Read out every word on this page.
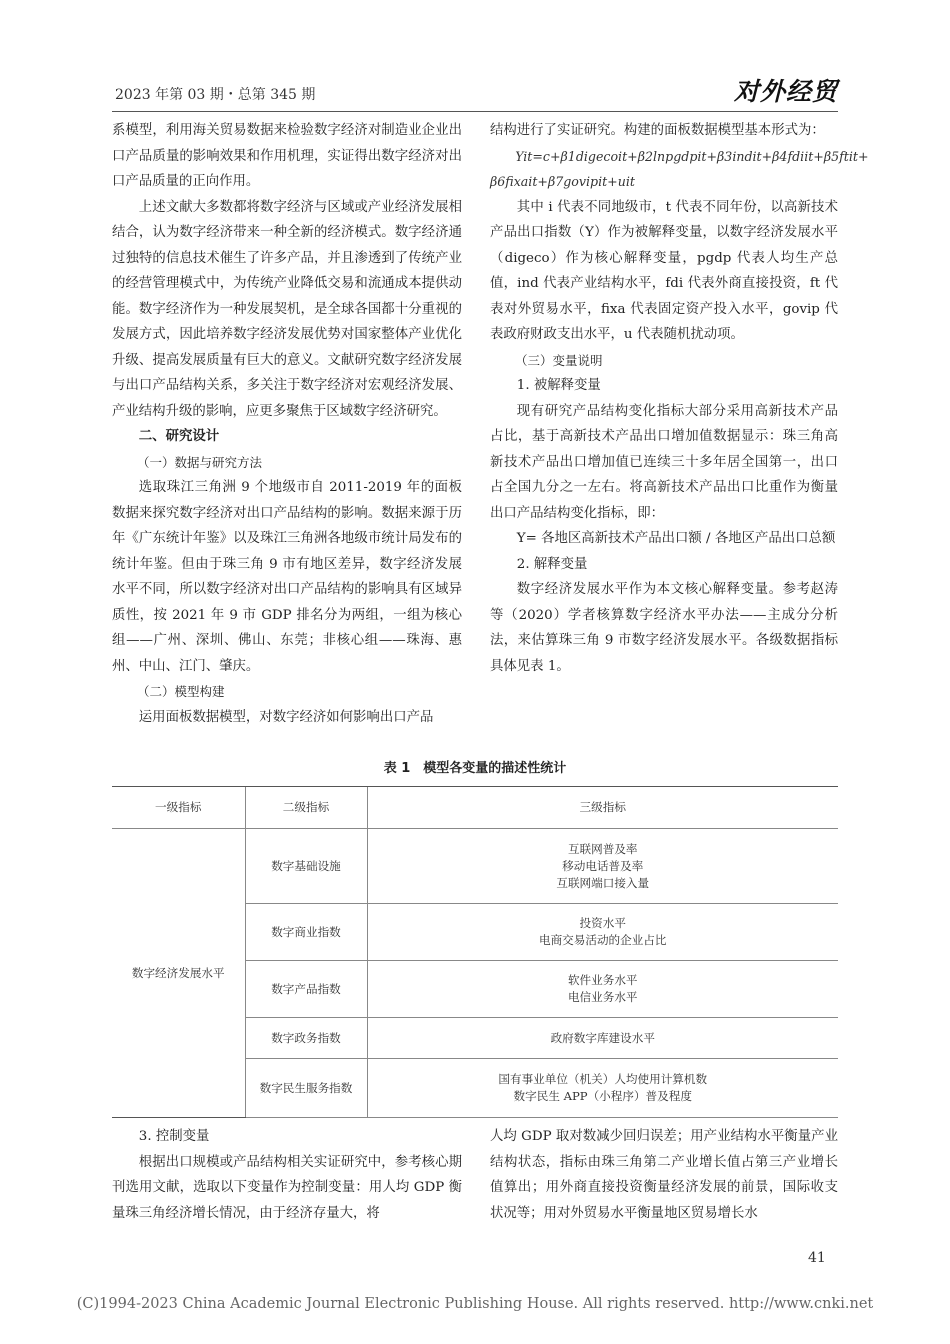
2023 年第 03 期・总第 345 期	对外经贸

系模型，利用海关贸易数据来检验数字经济对制造业企业出口产品质量的影响效果和作用机理，实证得出数字经济对出口产品质量的正向作用。

上述文献大多数都将数字经济与区域或产业经济发展相结合，认为数字经济带来一种全新的经济模式。数字经济通过独特的信息技术催生了许多产品，并且渗透到了传统产业的经营管理模式中，为传统产业降低交易和流通成本提供动能。数字经济作为一种发展契机，是全球各国都十分重视的发展方式，因此培养数字经济发展优势对国家整体产业优化升级、提高发展质量有巨大的意义。文献研究数字经济发展与出口产品结构关系，多关注于数字经济对宏观经济发展、产业结构升级的影响，应更多聚焦于区域数字经济研究。

二、研究设计

（一）数据与研究方法

选取珠江三角洲 9 个地级市自 2011-2019 年的面板数据来探究数字经济对出口产品结构的影响。数据来源于历年《广东统计年鉴》以及珠江三角洲各地级市统计局发布的统计年鉴。但由于珠三角 9 市有地区差异，数字经济发展水平不同，所以数字经济对出口产品结构的影响具有区域异质性，按 2021 年 9 市 GDP 排名分为两组，一组为核心组——广州、深圳、佛山、东莞；非核心组——珠海、惠州、中山、江门、肇庆。

（二）模型构建

运用面板数据模型，对数字经济如何影响出口产品

结构进行了实证研究。构建的面板数据模型基本形式为：

Yit=c+β1digecoit+β2lnpgdpit+β3indit+β4fdiit+β5ftit+

β6fixait+β7govipit+uit

其中 i 代表不同地级市，t 代表不同年份，以高新技术产品出口指数（Y）作为被解释变量，以数字经济发展水平（digeco）作为核心解释变量，pgdp 代表人均生产总值，ind 代表产业结构水平，fdi 代表外商直接投资，ft 代表对外贸易水平，fixa 代表固定资产投入水平，govip 代表政府财政支出水平，u 代表随机扰动项。

（三）变量说明

1. 被解释变量

现有研究产品结构变化指标大部分采用高新技术产品占比，基于高新技术产品出口增加值数据显示：珠三角高新技术产品出口增加值已连续三十多年居全国第一，出口占全国九分之一左右。将高新技术产品出口比重作为衡量出口产品结构变化指标，即：

Y= 各地区高新技术产品出口额 / 各地区产品出口总额

2. 解释变量

数字经济发展水平作为本文核心解释变量。参考赵涛等（2020）学者核算数字经济水平办法——主成分分析法，来估算珠三角 9 市数字经济发展水平。各级数据指标具体见表 1。

表 1　模型各变量的描述性统计
一级指标	二级指标	三级指标
数字经济发展水平	数字基础设施	互联网普及率
移动电话普及率
互联网端口接入量

	数字商业指数	投资水平
电商交易活动的企业占比

	数字产品指数	软件业务水平
电信业务水平

	数字政务指数	政府数字库建设水平

	数字民生服务指数	国有事业单位（机关）人均使用计算机数
数字民生 APP（小程序）普及程度

3. 控制变量

根据出口规模或产品结构相关实证研究中，参考核心期刊选用文献，选取以下变量作为控制变量：用人均 GDP 衡量珠三角经济增长情况，由于经济存量大，将

人均 GDP 取对数减少回归误差；用产业结构水平衡量产业结构状态，指标由珠三角第二产业增长值占第三产业增长值算出；用外商直接投资衡量经济发展的前景，国际收支状况等；用对外贸易水平衡量地区贸易增长水

41
(C)1994-2023 China Academic Journal Electronic Publishing House. All rights reserved. http://www.cnki.net
